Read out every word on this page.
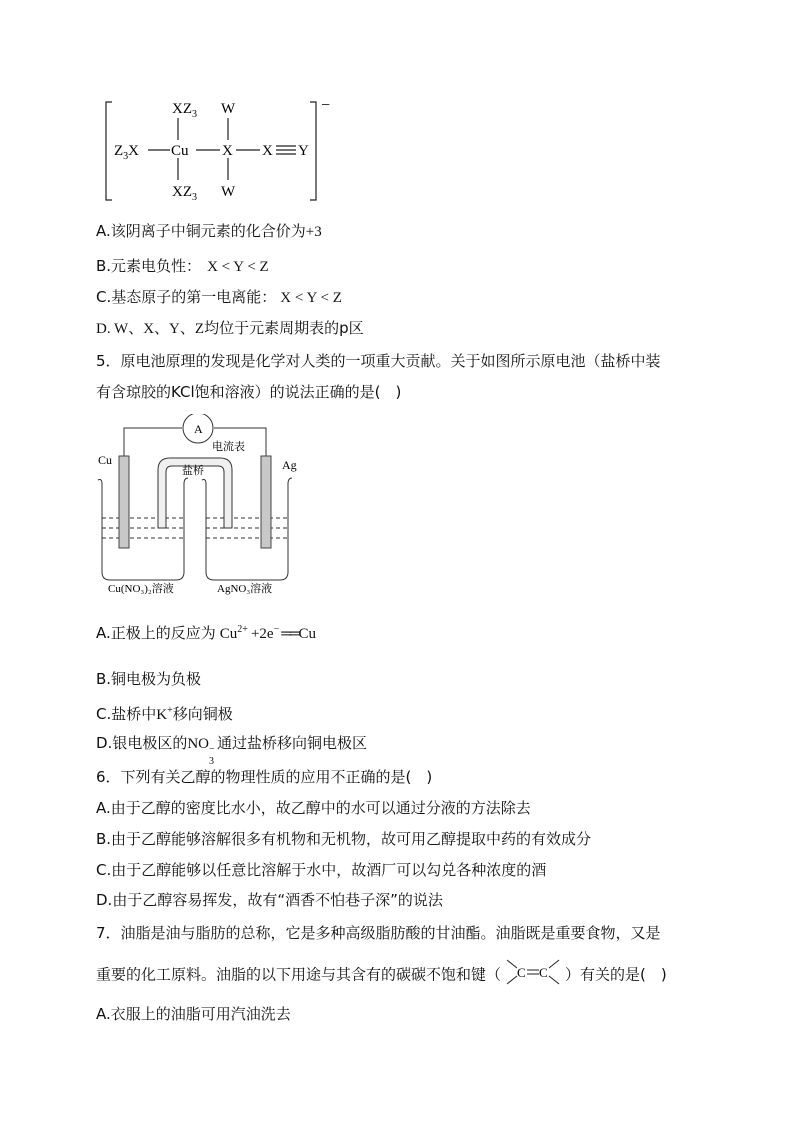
−
$XZ_3$ W
$Z_3X$ Cu X X Y
$XZ_3$ W
A.该阴离子中铜元素的化合价为+3
B.元素电负性： X < Y < Z
C.基态原子的第一电离能： X < Y < Z
D. W、X、Y、Z均位于元素周期表的p区
5．原电池原理的发现是化学对人类的一项重大贡献。关于如图所示原电池（盐桥中装
有含琼胶的KCl饱和溶液）的说法正确的是(　)
A
电流表
盐桥
Cu	Ag
Cu(NO₃)₂溶液	AgNO₃溶液
A.正极上的反应为 $Cu^{2+} +2e^-$ ══ Cu
B.铜电极为负极
C.盐桥中K+移向铜极
D.银电极区的NO −
3
通过盐桥移向铜电极区
6．下列有关乙醇的物理性质的应用不正确的是(　)
A.由于乙醇的密度比水小，故乙醇中的水可以通过分液的方法除去
B.由于乙醇能够溶解很多有机物和无机物，故可用乙醇提取中药的有效成分
C.由于乙醇能够以任意比溶解于水中，故酒厂可以勾兑各种浓度的酒
D.由于乙醇容易挥发，故有“酒香不怕巷子深”的说法
7．油脂是油与脂肪的总称，它是多种高级脂肪酸的甘油酯。油脂既是重要食物，又是
重要的化工原料。油脂的以下用途与其含有的碳碳不饱和键（ C C ）有关的是(　)
A.衣服上的油脂可用汽油洗去
